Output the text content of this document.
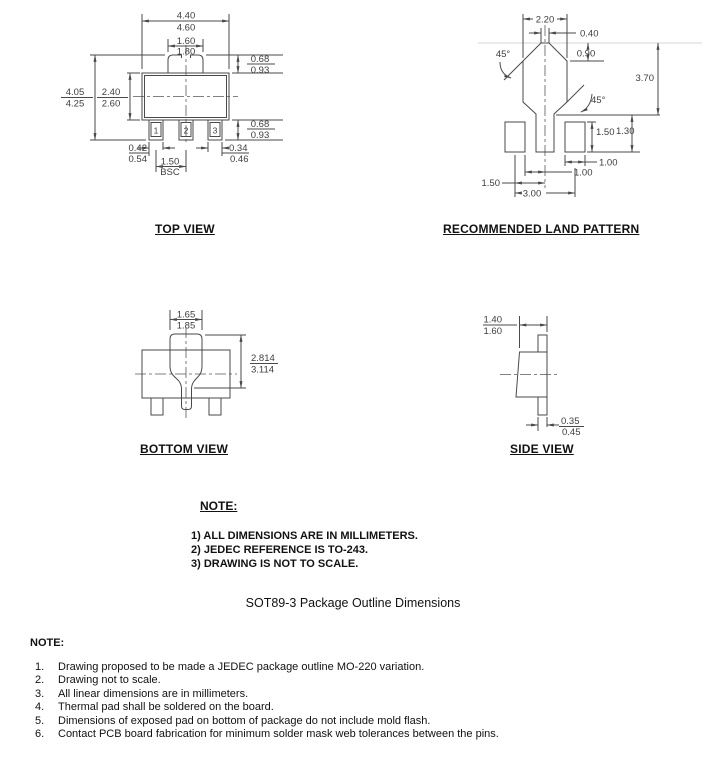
1	2	3
4.40
4.60
1.60
1.80
0.68
0.93
0.68
0.93
4.05
4.25
2.40
2.60
0.42
0.54 1.50
BSC
0.34
0.46
2.20
0.40
0.90
45°
45°
3.70
1.50 1.30
1.00
1.00
1.50
3.00
1.65
1.85
2.814
3.114
1.40
1.60
0.35
0.45
TOP VIEW	RECOMMENDED LAND PATTERN
BOTTOM VIEW	SIDE VIEW
NOTE:
1) ALL DIMENSIONS ARE IN MILLIMETERS.
2) JEDEC REFERENCE IS TO-243.
3) DRAWING IS NOT TO SCALE.
SOT89-3 Package Outline Dimensions
NOTE:
1.	Drawing proposed to be made a JEDEC package outline MO-220 variation.
2.	Drawing not to scale.
3.	All linear dimensions are in millimeters.
4.	Thermal pad shall be soldered on the board.
5.	Dimensions of exposed pad on bottom of package do not include mold flash.
6.	Contact PCB board fabrication for minimum solder mask web tolerances between the pins.
